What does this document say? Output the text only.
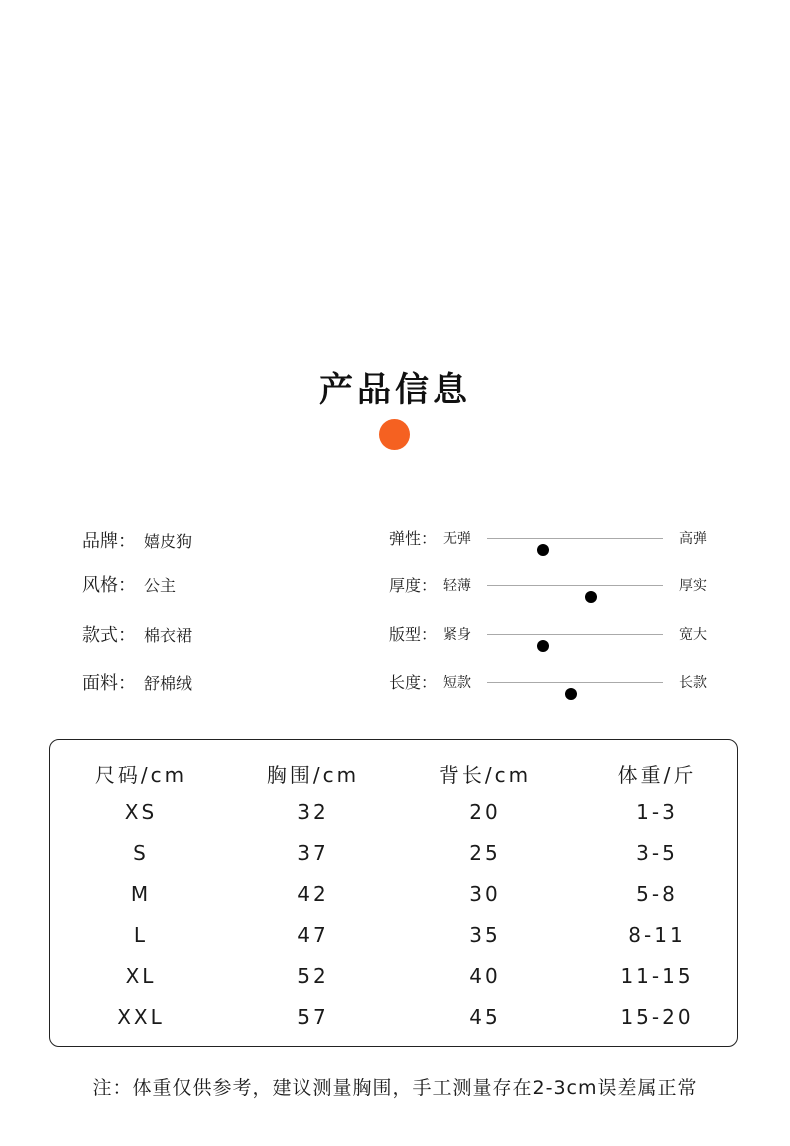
产品信息
品牌： 嬉皮狗
风格： 公主
款式： 棉衣裙
面料： 舒棉绒
弹性： 无弹	高弹
厚度： 轻薄	厚实
版型： 紧身	宽大
长度： 短款	长款
尺码/cm	胸围/cm	背长/cm	体重/斤
XS	32	20	1-3
S	37	25	3-5
M	42	30	5-8
L	47	35	8-11
XL	52	40	11-15
XXL	57	45	15-20
注：体重仅供参考，建议测量胸围，手工测量存在2-3cm误差属正常
